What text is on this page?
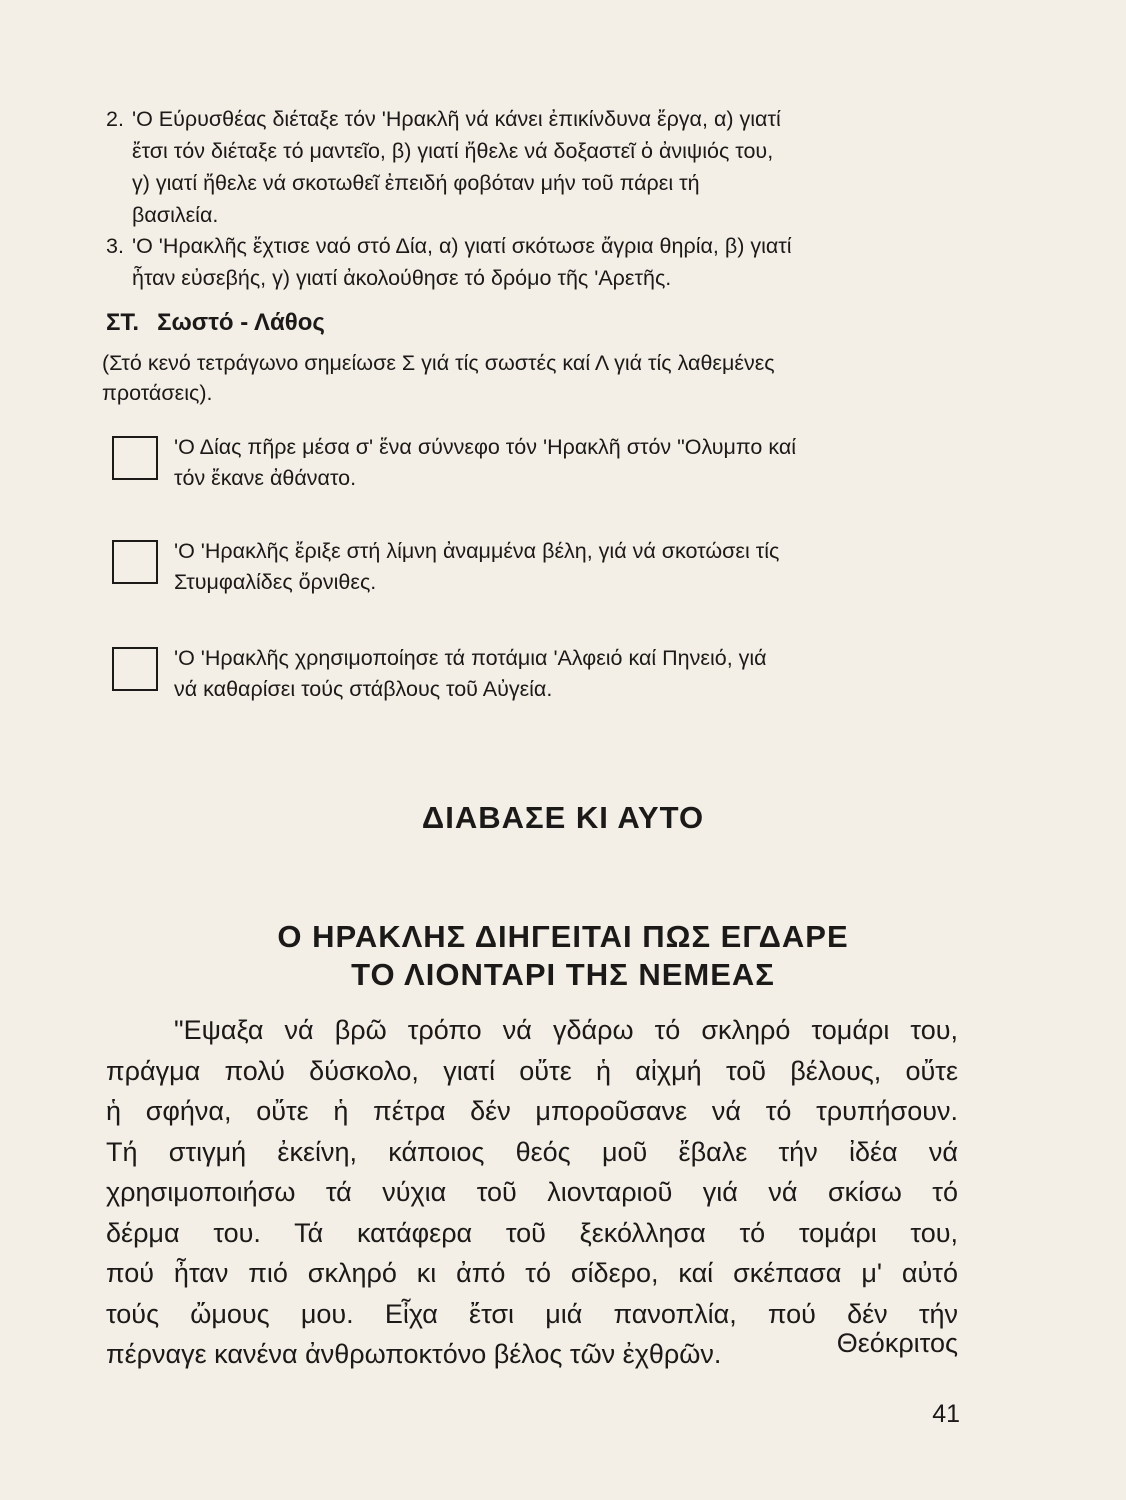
2. 'Ο Εύρυσθέας διέταξε τόν 'Ηρακλῆ νά κάνει ἐπικίνδυνα ἔργα, α) γιατί
ἔτσι τόν διέταξε τό μαντεῖο, β) γιατί ἤθελε νά δοξαστεῖ ὁ ἀνιψιός του,
γ) γιατί ἤθελε νά σκοτωθεῖ ἐπειδή φοβόταν μήν τοῦ πάρει τή
βασιλεία.
3. 'Ο 'Ηρακλῆς ἔχτισε ναό στό Δία, α) γιατί σκότωσε ἄγρια θηρία, β) γιατί
ἦταν εὐσεβής, γ) γιατί ἀκολούθησε τό δρόμο τῆς 'Αρετῆς.
ΣΤ. Σωστό - Λάθος
(Στό κενό τετράγωνο σημείωσε Σ γιά τίς σωστές καί Λ γιά τίς λαθεμένες
προτάσεις).
'Ο Δίας πῆρε μέσα σ' ἕνα σύννεφο τόν 'Ηρακλῆ στόν "Ολυμπο καί
τόν ἔκανε ἀθάνατο.
'Ο 'Ηρακλῆς ἔριξε στή λίμνη ἀναμμένα βέλη, γιά νά σκοτώσει τίς
Στυμφαλίδες ὄρνιθες.
'Ο 'Ηρακλῆς χρησιμοποίησε τά ποτάμια 'Αλφειό καί Πηνειό, γιά
νά καθαρίσει τούς στάβλους τοῦ Αὐγεία.
ΔΙΑΒΑΣΕ ΚΙ ΑΥΤΟ
Ο ΗΡΑΚΛΗΣ ΔΙΗΓΕΙΤΑΙ ΠΩΣ ΕΓΔΑΡΕ
ΤΟ ΛΙΟΝΤΑΡΙ ΤΗΣ ΝΕΜΕΑΣ
"Εψαξα νά βρῶ τρόπο νά γδάρω τό σκληρό τομάρι του,
πράγμα πολύ δύσκολο, γιατί οὔτε ἡ αἰχμή τοῦ βέλους, οὔτε
ἡ σφήνα, οὔτε ἡ πέτρα δέν μποροῦσανε νά τό τρυπήσουν.
Τή στιγμή ἐκείνη, κάποιος θεός μοῦ ἔβαλε τήν ἰδέα νά
χρησιμοποιήσω τά νύχια τοῦ λιονταριοῦ γιά νά σκίσω τό
δέρμα του. Τά κατάφερα τοῦ ξεκόλλησα τό τομάρι του,
πού ἦταν πιό σκληρό κι ἀπό τό σίδερο, καί σκέπασα μ' αὐτό
τούς ὤμους μου. Εἶχα ἔτσι μιά πανοπλία, πού δέν τήν
πέρναγε κανένα ἀνθρωποκτόνο βέλος τῶν ἐχθρῶν.	Θεόκριτος
41
